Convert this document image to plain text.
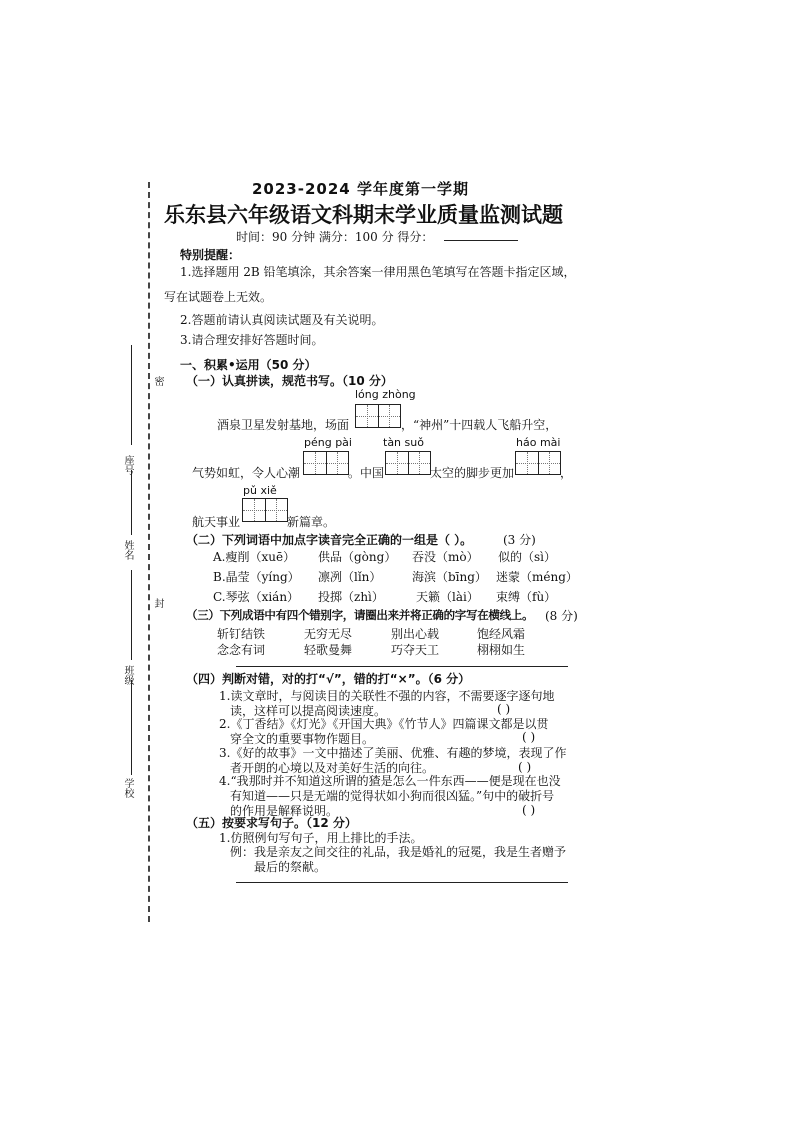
密
封
座号
姓名
班级
学校
2023-2024 学年度第一学期
乐东县六年级语文科期末学业质量监测试题
时间：90 分钟 满分：100 分 得分：
特别提醒：
1.选择题用 2B 铅笔填涂，其余答案一律用黑色笔填写在答题卡指定区域，
写在试题卷上无效。
2.答题前请认真阅读试题及有关说明。
3.请合理安排好答题时间。
一、积累•运用（50 分）
（一）认真拼读，规范书写。（10 分）
lóng zhòng
酒泉卫星发射基地，场面	，“神州”十四载人飞船升空，
péng pài	tàn suǒ	háo mài
气势如虹，令人心潮	。中国	太空的脚步更加	，
pǔ xiě
航天事业	新篇章。
（二）下列词语中加点字读音完全正确的一组是（ ）。	(3 分)
A.瘦削（xuē） 供品（gòng） 吞没（mò） 似的（sì）
B.晶莹（yíng） 凛冽（lǐn）	海滨（bīng） 迷蒙（méng）
C.琴弦（xián） 投掷（zhì）	天籁（lài） 束缚（fù）
（三）下列成语中有四个错别字，请圈出来并将正确的字写在横线上。 (8 分)
斩钉结铁	无穷无尽	别出心载	饱经风霜
念念有词	轻歌曼舞	巧夺天工	栩栩如生
（四）判断对错，对的打“√”，错的打“×”。（6 分）
1.读文章时，与阅读目的关联性不强的内容，不需要逐字逐句地
读，这样可以提高阅读速度。	( )
2.《丁香结》《灯光》《开国大典》《竹节人》四篇课文都是以贯
穿全文的重要事物作题目。	( )
3.《好的故事》一文中描述了美丽、优雅、有趣的梦境，表现了作
者开朗的心境以及对美好生活的向往。	( )
4.“我那时并不知道这所谓的猹是怎么一件东西——便是现在也没
有知道——只是无端的觉得状如小狗而很凶猛。”句中的破折号
的作用是解释说明。	( )
（五）按要求写句子。（12 分）
1.仿照例句写句子，用上排比的手法。
例：我是亲友之间交往的礼品，我是婚礼的冠冕，我是生者赠予
最后的祭献。
